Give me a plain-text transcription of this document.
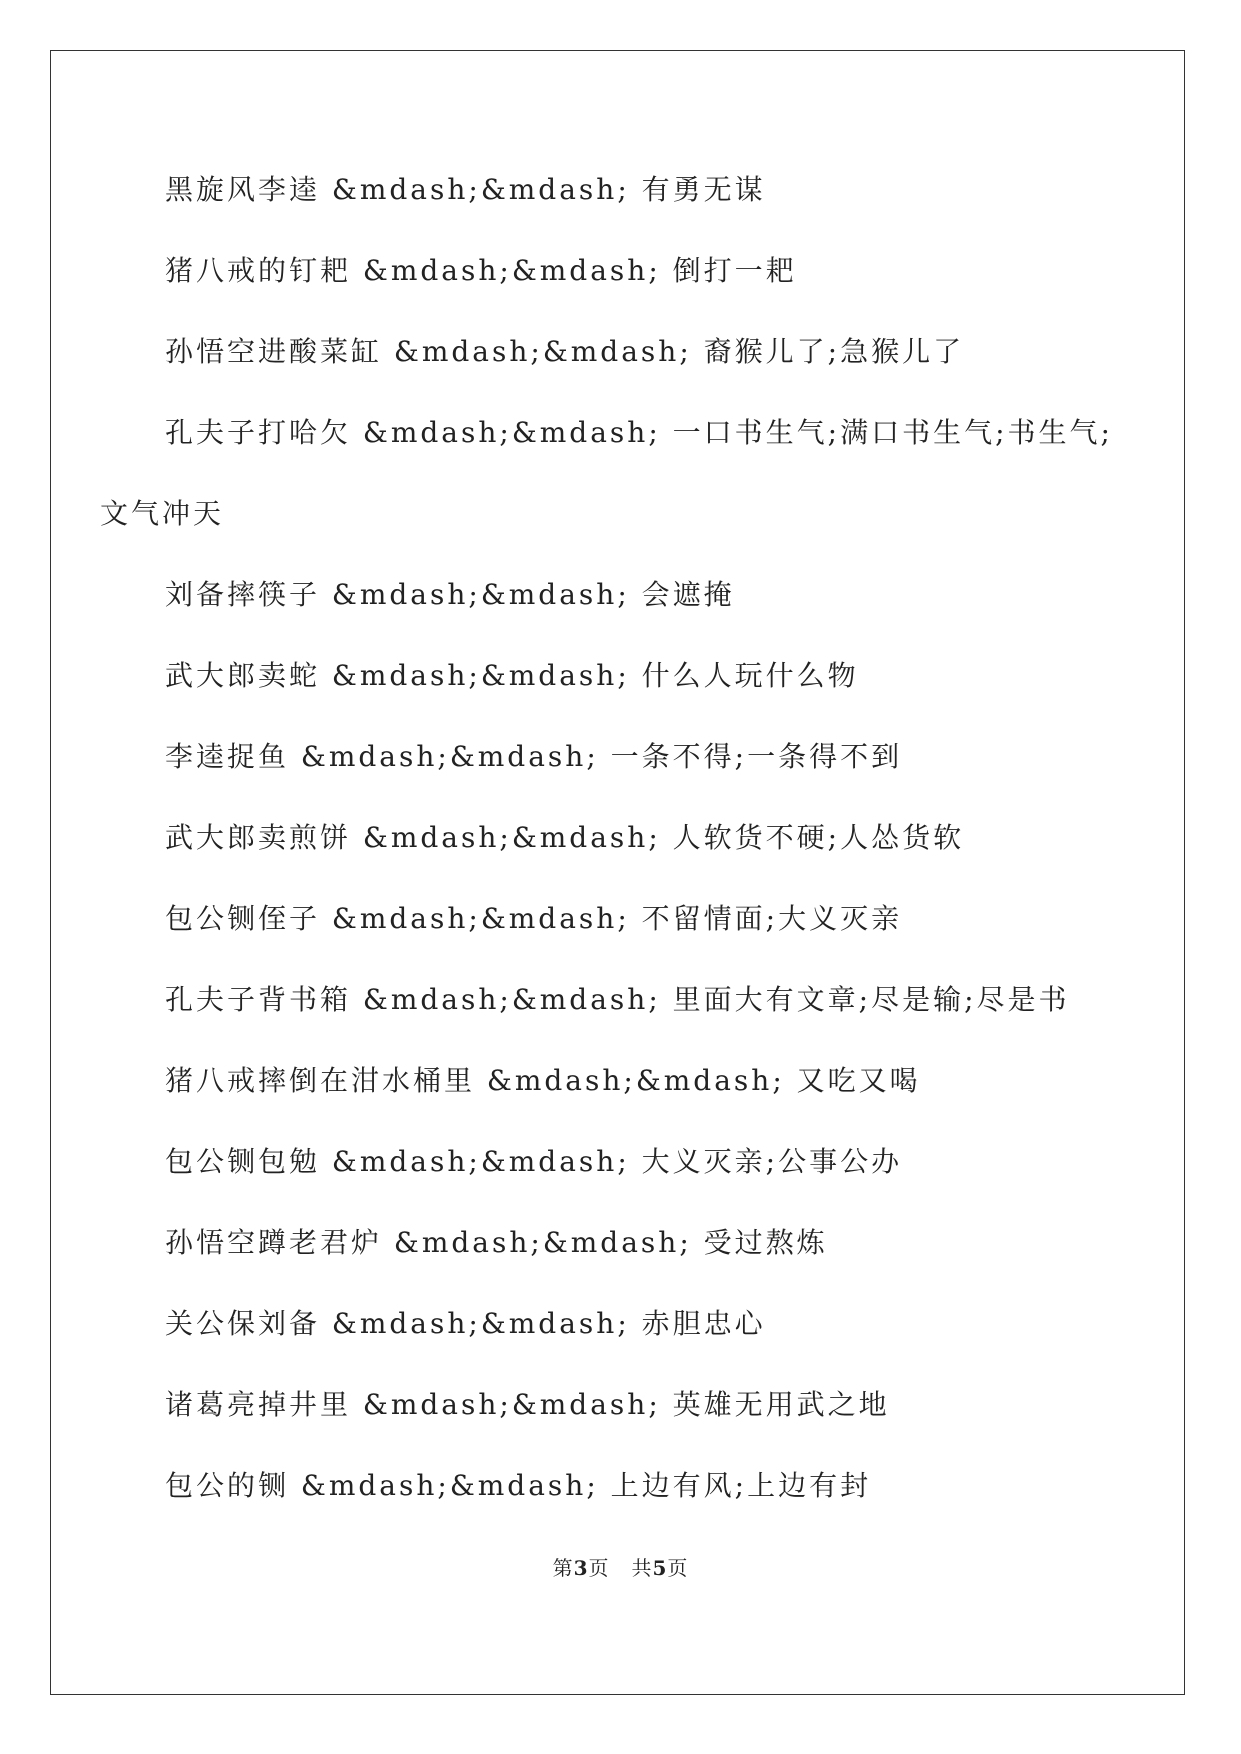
黑旋风李逵 &mdash;&mdash; 有勇无谋
猪八戒的钉耙 &mdash;&mdash; 倒打一耙
孙悟空进酸菜缸 &mdash;&mdash; 裔猴儿了;急猴儿了
孔夫子打哈欠 &mdash;&mdash; 一口书生气;满口书生气;书生气;
文气冲天
刘备摔筷子 &mdash;&mdash; 会遮掩
武大郎卖蛇 &mdash;&mdash; 什么人玩什么物
李逵捉鱼 &mdash;&mdash; 一条不得;一条得不到
武大郎卖煎饼 &mdash;&mdash; 人软货不硬;人怂货软
包公铡侄子 &mdash;&mdash; 不留情面;大义灭亲
孔夫子背书箱 &mdash;&mdash; 里面大有文章;尽是输;尽是书
猪八戒摔倒在泔水桶里 &mdash;&mdash; 又吃又喝
包公铡包勉 &mdash;&mdash; 大义灭亲;公事公办
孙悟空蹲老君炉 &mdash;&mdash; 受过熬炼
关公保刘备 &mdash;&mdash; 赤胆忠心
诸葛亮掉井里 &mdash;&mdash; 英雄无用武之地
包公的铡 &mdash;&mdash; 上边有风;上边有封
第3页 共5页
